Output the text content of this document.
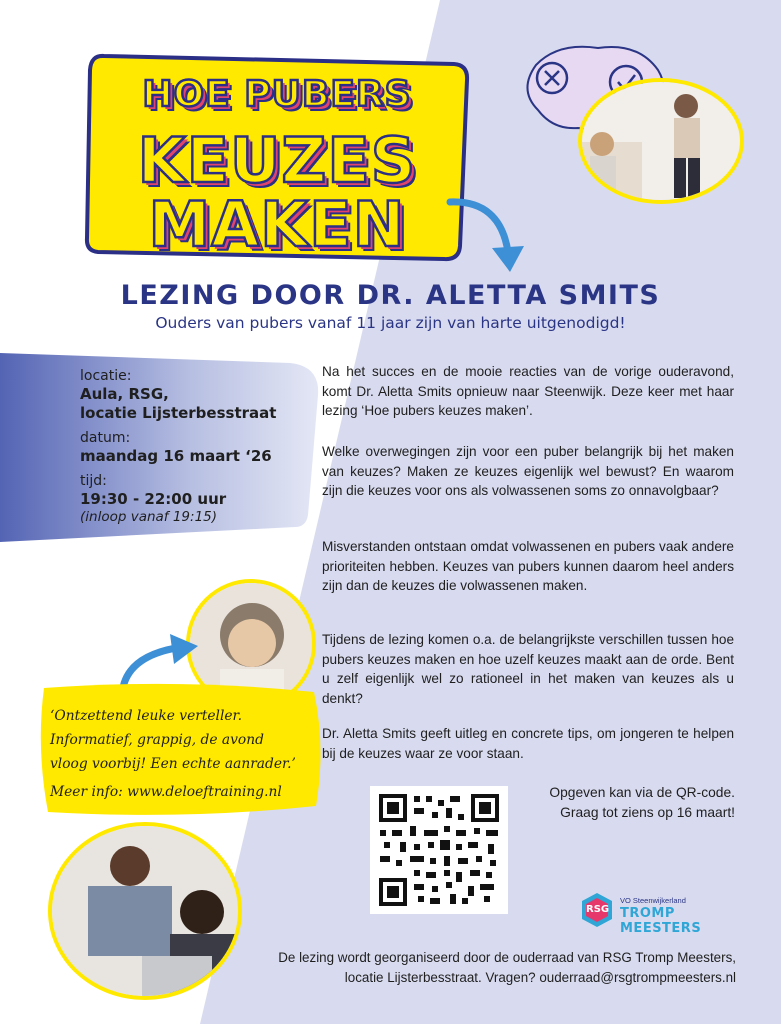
HOE PUBERS
KEUZES
MAKEN
LEZING DOOR DR. ALETTA SMITS
Ouders van pubers vanaf 11 jaar zijn van harte uitgenodigd!
locatie:
Aula, RSG,
locatie Lijsterbesstraat
datum:
maandag 16 maart ‘26
tijd:
19:30 - 22:00 uur
(inloop vanaf 19:15)
Na het succes en de mooie reacties van de vorige ouderavond, komt Dr. Aletta Smits opnieuw naar Steenwijk. Deze keer met haar lezing ‘Hoe pubers keuzes maken’.
Welke overwegingen zijn voor een puber belangrijk bij het maken van keuzes? Maken ze keuzes eigenlijk wel bewust? En waarom zijn die keuzes voor ons als volwassenen soms zo onnavolgbaar?
Misverstanden ontstaan omdat volwassenen en pubers vaak andere prioriteiten hebben. Keuzes van pubers kunnen daarom heel anders zijn dan de keuzes die volwassenen maken.
Tijdens de lezing komen o.a. de belangrijkste verschillen tussen hoe pubers keuzes maken en hoe uzelf keuzes maakt aan de orde. Bent u zelf eigenlijk wel zo rationeel in het maken van keuzes als u denkt?
Dr. Aletta Smits geeft uitleg en concrete tips, om jongeren te helpen bij de keuzes waar ze voor staan.
‘Ontzettend leuke verteller.
Informatief, grappig, de avond
vloog voorbij! Een echte aanrader.’
Meer info: www.deloeftraining.nl	Opgeven kan via de QR-code.
Graag tot ziens op 16 maart!
RSG
VO Steenwijkerland
TROMP MEESTERS
De lezing wordt georganiseerd door de ouderraad van RSG Tromp Meesters,
locatie Lijsterbesstraat. Vragen? ouderraad@rsgtrompmeesters.nl
